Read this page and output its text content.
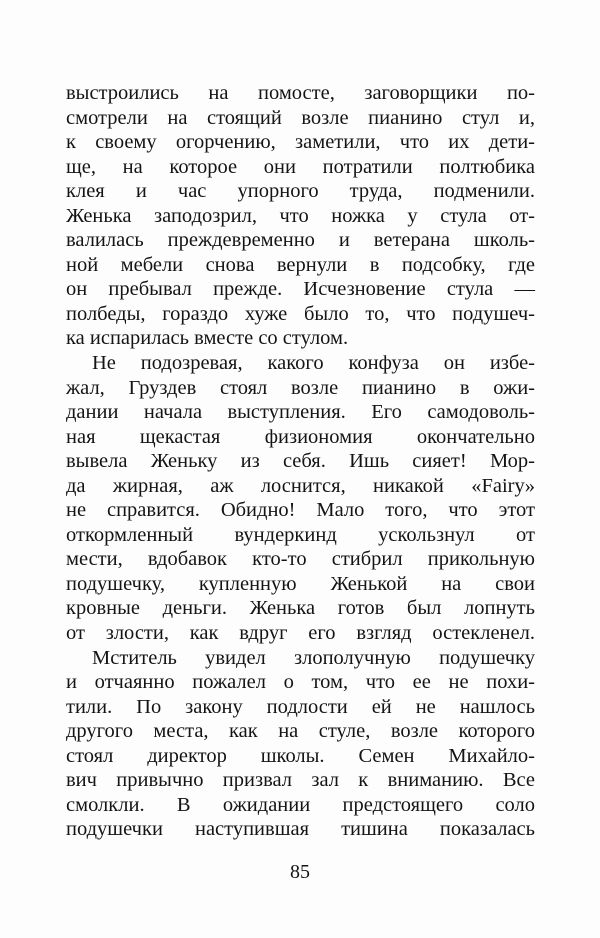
выстроились на помосте, заговорщики по-
смотрели на стоящий возле пианино стул и,
к своему огорчению, заметили, что их дети-
ще, на которое они потратили полтюбика
клея и час упорного труда, подменили.
Женька заподозрил, что ножка у стула от-
валилась преждевременно и ветерана школь-
ной мебели снова вернули в подсобку, где
он пребывал прежде. Исчезновение стула —
полбеды, гораздо хуже было то, что подушеч-
ка испарилась вместе со стулом.
Не подозревая, какого конфуза он избе-
жал, Груздев стоял возле пианино в ожи-
дании начала выступления. Его самодоволь-
ная щекастая физиономия окончательно
вывела Женьку из себя. Ишь сияет! Мор-
да жирная, аж лоснится, никакой «Fairy»
не справится. Обидно! Мало того, что этот
откормленный вундеркинд ускользнул от
мести, вдобавок кто-то стибрил прикольную
подушечку, купленную Женькой на свои
кровные деньги. Женька готов был лопнуть
от злости, как вдруг его взгляд остекленел.
Мститель увидел злополучную подушечку
и отчаянно пожалел о том, что ее не похи-
тили. По закону подлости ей не нашлось
другого места, как на стуле, возле которого
стоял директор школы. Семен Михайло-
вич привычно призвал зал к вниманию. Все
смолкли. В ожидании предстоящего соло
подушечки наступившая тишина показалась
85
